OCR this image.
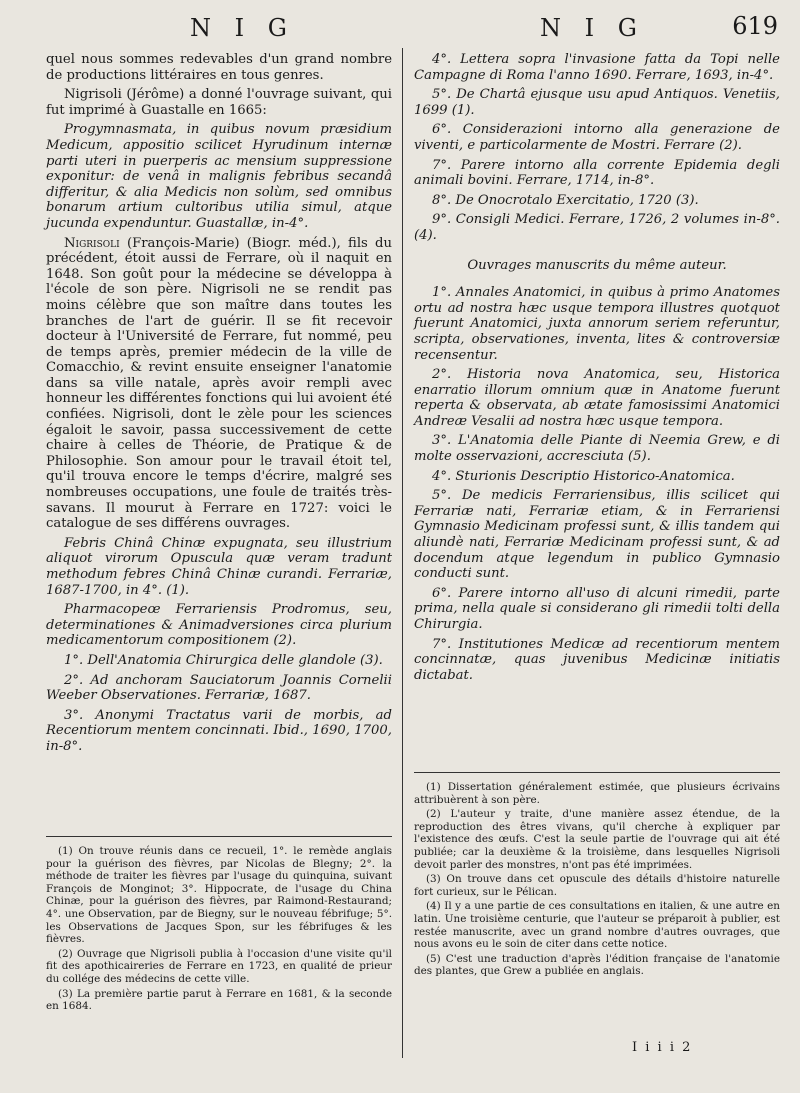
N I G	N I G	619

quel nous sommes redevables d'un grand nombre de productions littéraires en tous genres.

Nigrisoli (Jérôme) a donné l'ouvrage suivant, qui fut imprimé à Guastalle en 1665:

Progymnasmata, in quibus novum præsidium Medicum, appositio scilicet Hyrudinum internæ parti uteri in puerperis ac mensium suppressione exponitur: de venâ in malignis febribus secandâ differitur, & alia Medicis non solùm, sed omnibus bonarum artium cultoribus utilia simul, atque jucunda expenduntur. Guastallæ, in-4°.

Nigrisoli (François-Marie) (Biogr. méd.), fils du précédent, étoit aussi de Ferrare, où il naquit en 1648. Son goût pour la médecine se développa à l'école de son père. Nigrisoli ne se rendit pas moins célèbre que son maître dans toutes les branches de l'art de guérir. Il se fit recevoir docteur à l'Université de Ferrare, fut nommé, peu de temps après, premier médecin de la ville de Comacchio, & revint ensuite enseigner l'anatomie dans sa ville natale, après avoir rempli avec honneur les différentes fonctions qui lui avoient été confiées. Nigrisoli, dont le zèle pour les sciences égaloit le savoir, passa successivement de cette chaire à celles de Théorie, de Pratique & de Philosophie. Son amour pour le travail étoit tel, qu'il trouva encore le temps d'écrire, malgré ses nombreuses occupations, une foule de traités très-savans. Il mourut à Ferrare en 1727: voici le catalogue de ses différens ouvrages.

Febris Chinâ Chinæ expugnata, seu illustrium aliquot virorum Opuscula quæ veram tradunt methodum febres Chinâ Chinæ curandi. Ferrariæ, 1687-1700, in 4°. (1).

Pharmacopeœ Ferrariensis Prodromus, seu, determinationes & Animadversiones circa plurium medicamentorum compositionem (2).

1°. Dell'Anatomia Chirurgica delle glandole (3).

2°. Ad anchoram Sauciatorum Joannis Cornelii Weeber Observationes. Ferrariæ, 1687.

3°. Anonymi Tractatus varii de morbis, ad Recentiorum mentem concinnati. Ibid., 1690, 1700, in-8°.

(1) On trouve réunis dans ce recueil, 1°. le remède anglais pour la guérison des fièvres, par Nicolas de Blegny; 2°. la méthode de traiter les fièvres par l'usage du quinquina, suivant François de Monginot; 3°. Hippocrate, de l'usage du China Chinæ, pour la guérison des fièvres, par Raimond-Restaurand; 4°. une Observation, par de Biegny, sur le nouveau fébrifuge; 5°. les Observations de Jacques Spon, sur les fébrifuges & les fièvres.

(2) Ouvrage que Nigrisoli publia à l'occasion d'une visite qu'il fit des apothicaireries de Ferrare en 1723, en qualité de prieur du collége des médecins de cette ville.

(3) La première partie parut à Ferrare en 1681, & la seconde en 1684.

4°. Lettera sopra l'invasione fatta da Topi nelle Campagne di Roma l'anno 1690. Ferrare, 1693, in-4°.

5°. De Chartâ ejusque usu apud Antiquos. Venetiis, 1699 (1).

6°. Considerazioni intorno alla generazione de viventi, e particolarmente de Mostri. Ferrare (2).

7°. Parere intorno alla corrente Epidemia degli animali bovini. Ferrare, 1714, in-8°.

8°. De Onocrotalo Exercitatio, 1720 (3).

9°. Consigli Medici. Ferrare, 1726, 2 volumes in-8°. (4).

Ouvrages manuscrits du même auteur.

1°. Annales Anatomici, in quibus à primo Anatomes ortu ad nostra hæc usque tempora illustres quotquot fuerunt Anatomici, juxta annorum seriem referuntur, scripta, observationes, inventa, lites & controversiæ recensentur.

2°. Historia nova Anatomica, seu, Historica enarratio illorum omnium quæ in Anatome fuerunt reperta & observata, ab ætate famosissimi Anatomici Andreæ Vesalii ad nostra hæc usque tempora.

3°. L'Anatomia delle Piante di Neemia Grew, e di molte osservazioni, accresciuta (5).

4°. Sturionis Descriptio Historico-Anatomica.

5°. De medicis Ferrariensibus, illis scilicet qui Ferrariæ nati, Ferrariæ etiam, & in Ferrariensi Gymnasio Medicinam professi sunt, & illis tandem qui aliundè nati, Ferrariæ Medicinam professi sunt, & ad docendum atque legendum in publico Gymnasio conducti sunt.

6°. Parere intorno all'uso di alcuni rimedii, parte prima, nella quale si considerano gli rimedii tolti della Chirurgia.

7°. Institutiones Medicæ ad recentiorum mentem concinnatæ, quas juvenibus Medicinæ initiatis dictabat.

(1) Dissertation généralement estimée, que plusieurs écrivains attribuèrent à son père.

(2) L'auteur y traite, d'une manière assez étendue, de la reproduction des êtres vivans, qu'il cherche à expliquer par l'existence des œufs. C'est la seule partie de l'ouvrage qui ait été publiée; car la deuxième & la troisième, dans lesquelles Nigrisoli devoit parler des monstres, n'ont pas été imprimées.

(3) On trouve dans cet opuscule des détails d'histoire naturelle fort curieux, sur le Pélican.

(4) Il y a une partie de ces consultations en italien, & une autre en latin. Une troisième centurie, que l'auteur se préparoit à publier, est restée manuscrite, avec un grand nombre d'autres ouvrages, que nous avons eu le soin de citer dans cette notice.

(5) C'est une traduction d'après l'édition française de l'anatomie des plantes, que Grew a publiée en anglais.

I i i i 2
